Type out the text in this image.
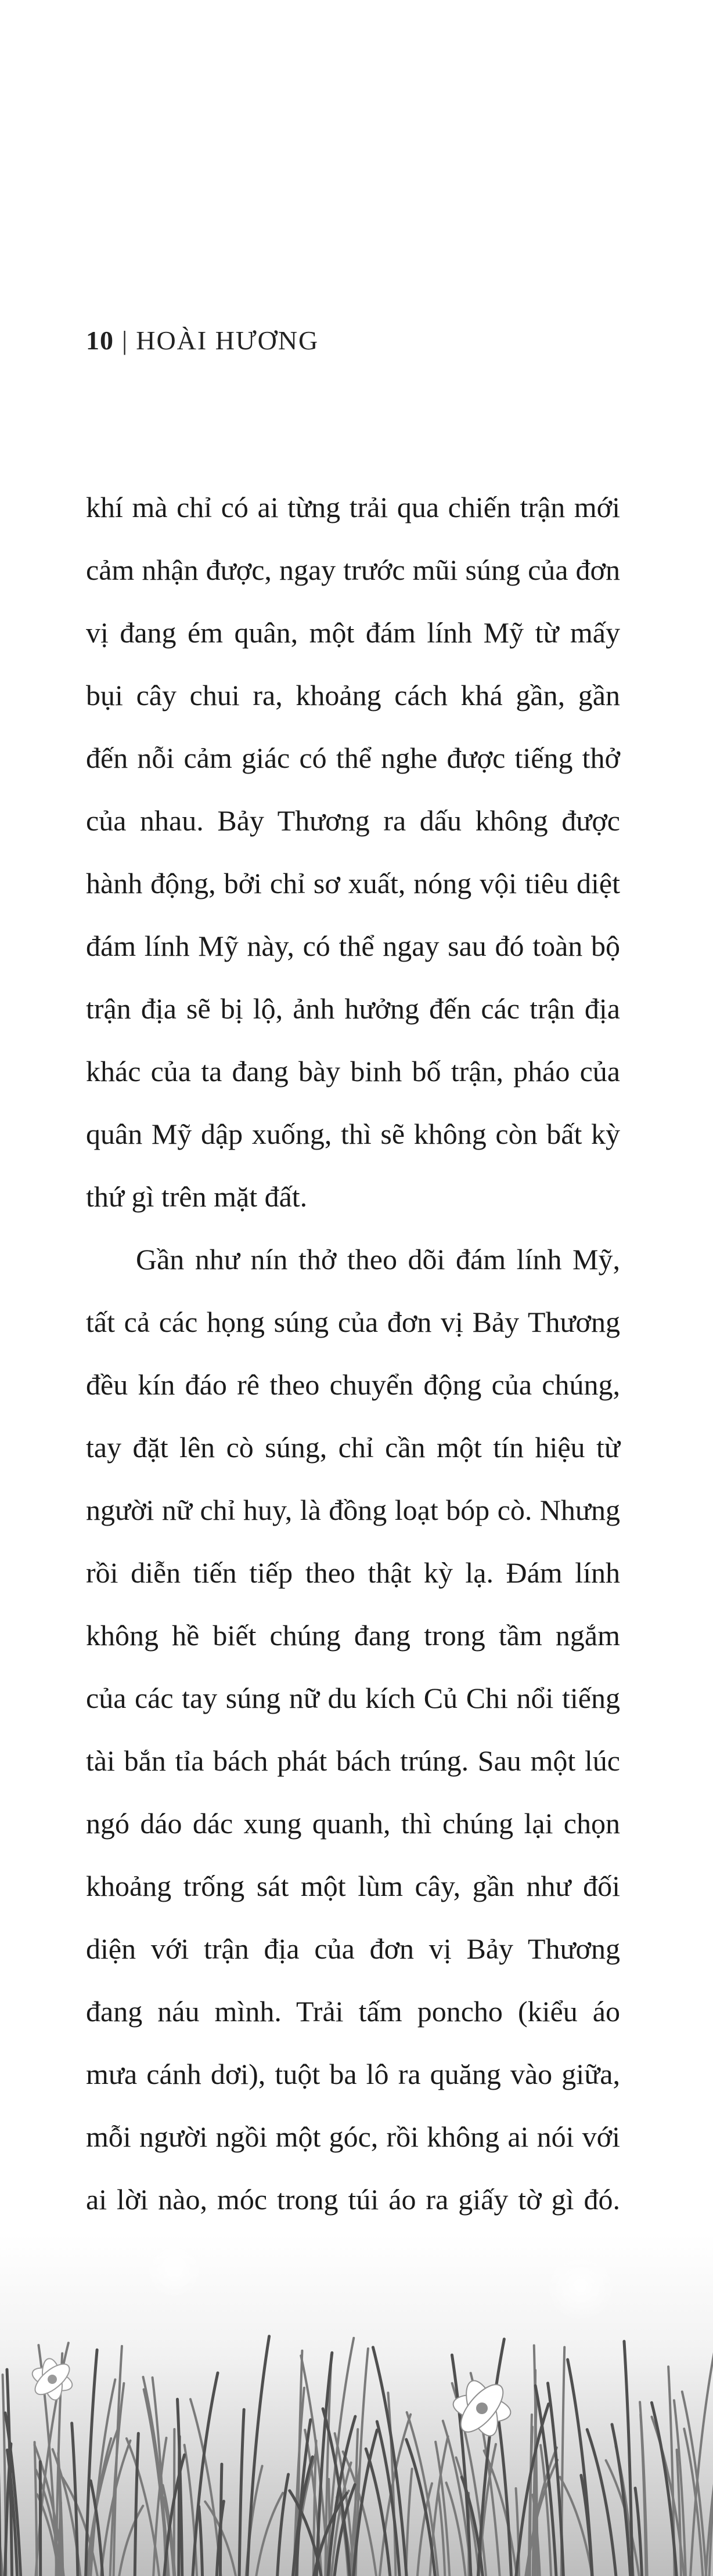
10 | HOÀI HƯƠNG

khí mà chỉ có ai từng trải qua chiến trận mới cảm nhận được, ngay trước mũi súng của đơn vị đang ém quân, một đám lính Mỹ từ mấy bụi cây chui ra, khoảng cách khá gần, gần đến nỗi cảm giác có thể nghe được tiếng thở của nhau. Bảy Thương ra dấu không được hành động, bởi chỉ sơ xuất, nóng vội tiêu diệt đám lính Mỹ này, có thể ngay sau đó toàn bộ trận địa sẽ bị lộ, ảnh hưởng đến các trận địa khác của ta đang bày binh bố trận, pháo của quân Mỹ dập xuống, thì sẽ không còn bất kỳ thứ gì trên mặt đất.

Gần như nín thở theo dõi đám lính Mỹ, tất cả các họng súng của đơn vị Bảy Thương đều kín đáo rê theo chuyển động của chúng, tay đặt lên cò súng, chỉ cần một tín hiệu từ người nữ chỉ huy, là đồng loạt bóp cò. Nhưng rồi diễn tiến tiếp theo thật kỳ lạ. Đám lính không hề biết chúng đang trong tầm ngắm của các tay súng nữ du kích Củ Chi nổi tiếng tài bắn tỉa bách phát bách trúng. Sau một lúc ngó dáo dác xung quanh, thì chúng lại chọn khoảng trống sát một lùm cây, gần như đối diện với trận địa của đơn vị Bảy Thương đang náu mình. Trải tấm poncho (kiểu áo mưa cánh dơi), tuột ba lô ra quăng vào giữa, mỗi người ngồi một góc, rồi không ai nói với ai lời nào, móc trong túi áo ra giấy tờ gì đó.
